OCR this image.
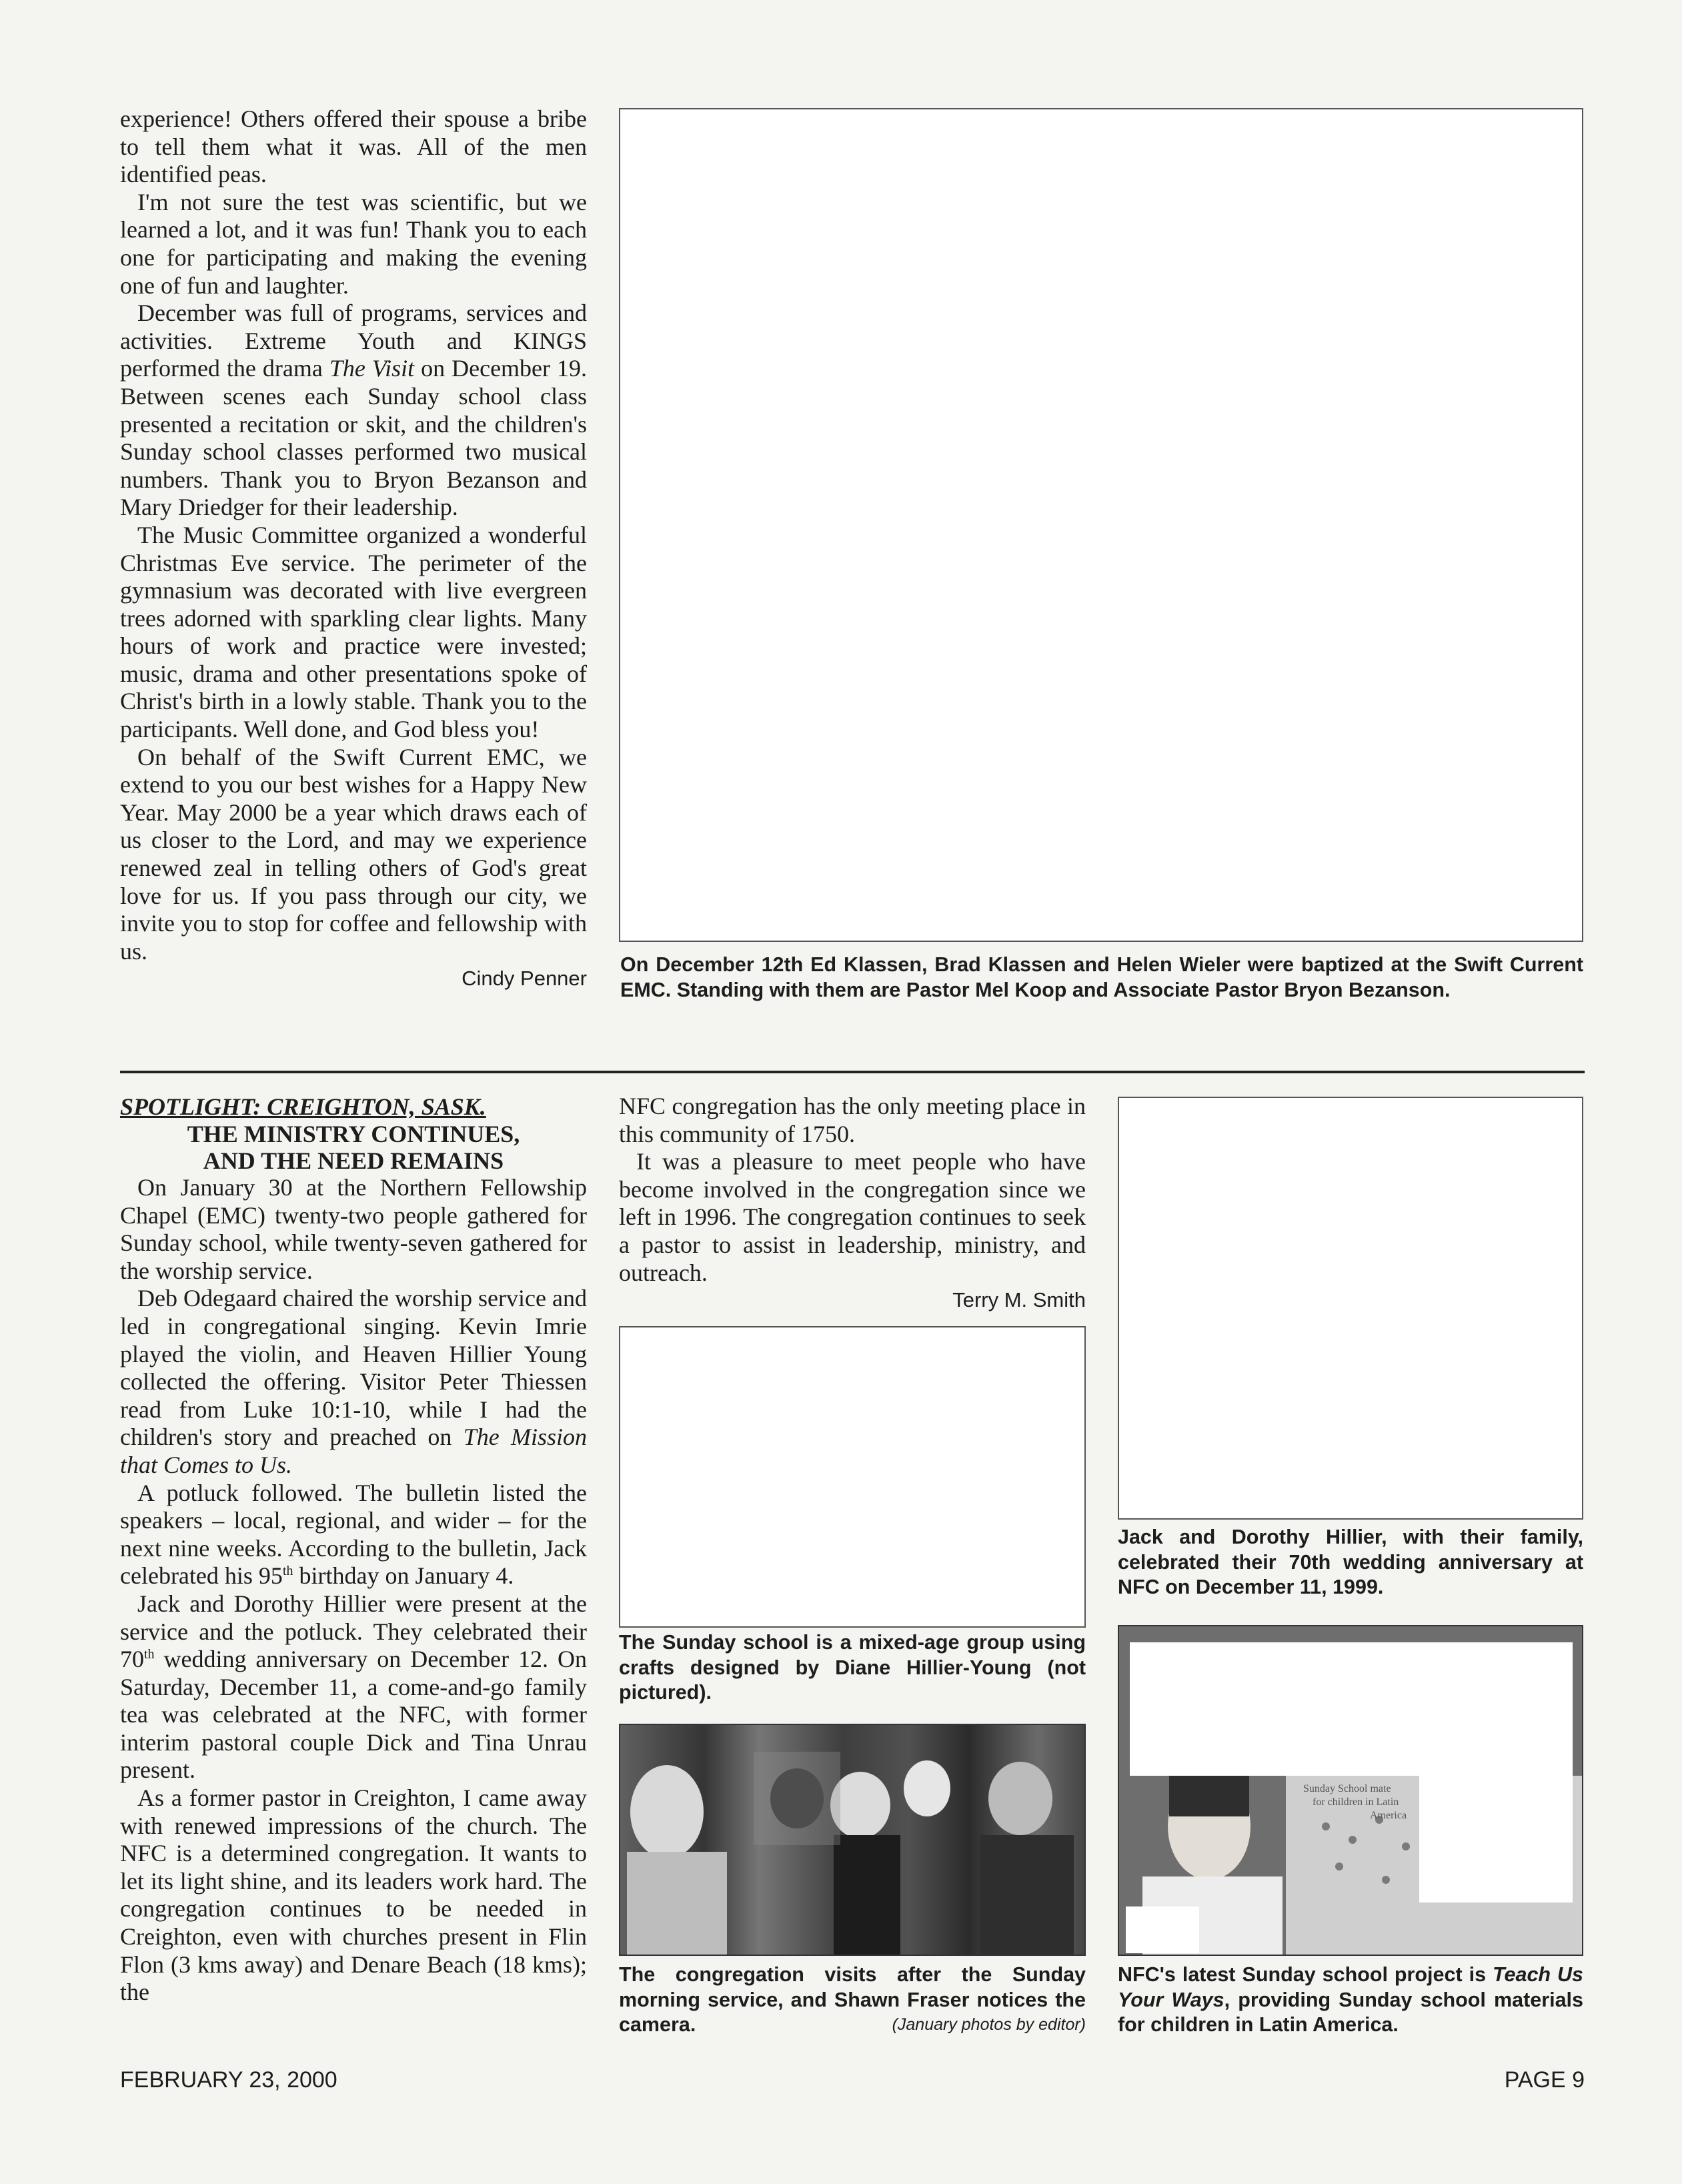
experience! Others offered their spouse a bribe to tell them what it was. All of the men identified peas.

I'm not sure the test was scientific, but we learned a lot, and it was fun! Thank you to each one for participating and making the evening one of fun and laughter.

December was full of programs, services and activities. Extreme Youth and KINGS performed the drama The Visit on December 19. Between scenes each Sunday school class presented a recitation or skit, and the children's Sunday school classes performed two musical numbers. Thank you to Bryon Bezanson and Mary Driedger for their leadership.

The Music Committee organized a wonderful Christmas Eve service. The perimeter of the gymnasium was decorated with live evergreen trees adorned with sparkling clear lights. Many hours of work and practice were invested; music, drama and other presentations spoke of Christ's birth in a lowly stable. Thank you to the participants. Well done, and God bless you!

On behalf of the Swift Current EMC, we extend to you our best wishes for a Happy New Year. May 2000 be a year which draws each of us closer to the Lord, and may we experience renewed zeal in telling others of God's great love for us. If you pass through our city, we invite you to stop for coffee and fellowship with us.

Cindy Penner
On December 12th Ed Klassen, Brad Klassen and Helen Wieler were baptized at the Swift Current EMC. Standing with them are Pastor Mel Koop and Associate Pastor Bryon Bezanson.
SPOTLIGHT: CREIGHTON, SASK.
THE MINISTRY CONTINUES,
AND THE NEED REMAINS

On January 30 at the Northern Fellowship Chapel (EMC) twenty-two people gathered for Sunday school, while twenty-seven gathered for the worship service.

Deb Odegaard chaired the worship service and led in congregational singing. Kevin Imrie played the violin, and Heaven Hillier Young collected the offering. Visitor Peter Thiessen read from Luke 10:1-10, while I had the children's story and preached on The Mission that Comes to Us.

A potluck followed. The bulletin listed the speakers – local, regional, and wider – for the next nine weeks. According to the bulletin, Jack celebrated his 95th birthday on January 4.

Jack and Dorothy Hillier were present at the service and the potluck. They celebrated their 70th wedding anniversary on December 12. On Saturday, December 11, a come-and-go family tea was celebrated at the NFC, with former interim pastoral couple Dick and Tina Unrau present.

As a former pastor in Creighton, I came away with renewed impressions of the church. The NFC is a determined congregation. It wants to let its light shine, and its leaders work hard. The congregation continues to be needed in Creighton, even with churches present in Flin Flon (3 kms away) and Denare Beach (18 kms); the

NFC congregation has the only meeting place in this community of 1750.

It was a pleasure to meet people who have become involved in the congregation since we left in 1996. The congregation continues to seek a pastor to assist in leadership, ministry, and outreach.

Terry M. Smith
The Sunday school is a mixed-age group using crafts designed by Diane Hillier-Young (not pictured).
The congregation visits after the Sunday morning service, and Shawn Fraser notices the camera.	(January photos by editor)
Jack and Dorothy Hillier, with their family, celebrated their 70th wedding anniversary at NFC on December 11, 1999.
Sunday School mate
for children in Latin
America
NFC's latest Sunday school project is Teach Us Your Ways, providing Sunday school materials for children in Latin America.
FEBRUARY 23, 2000	PAGE 9
